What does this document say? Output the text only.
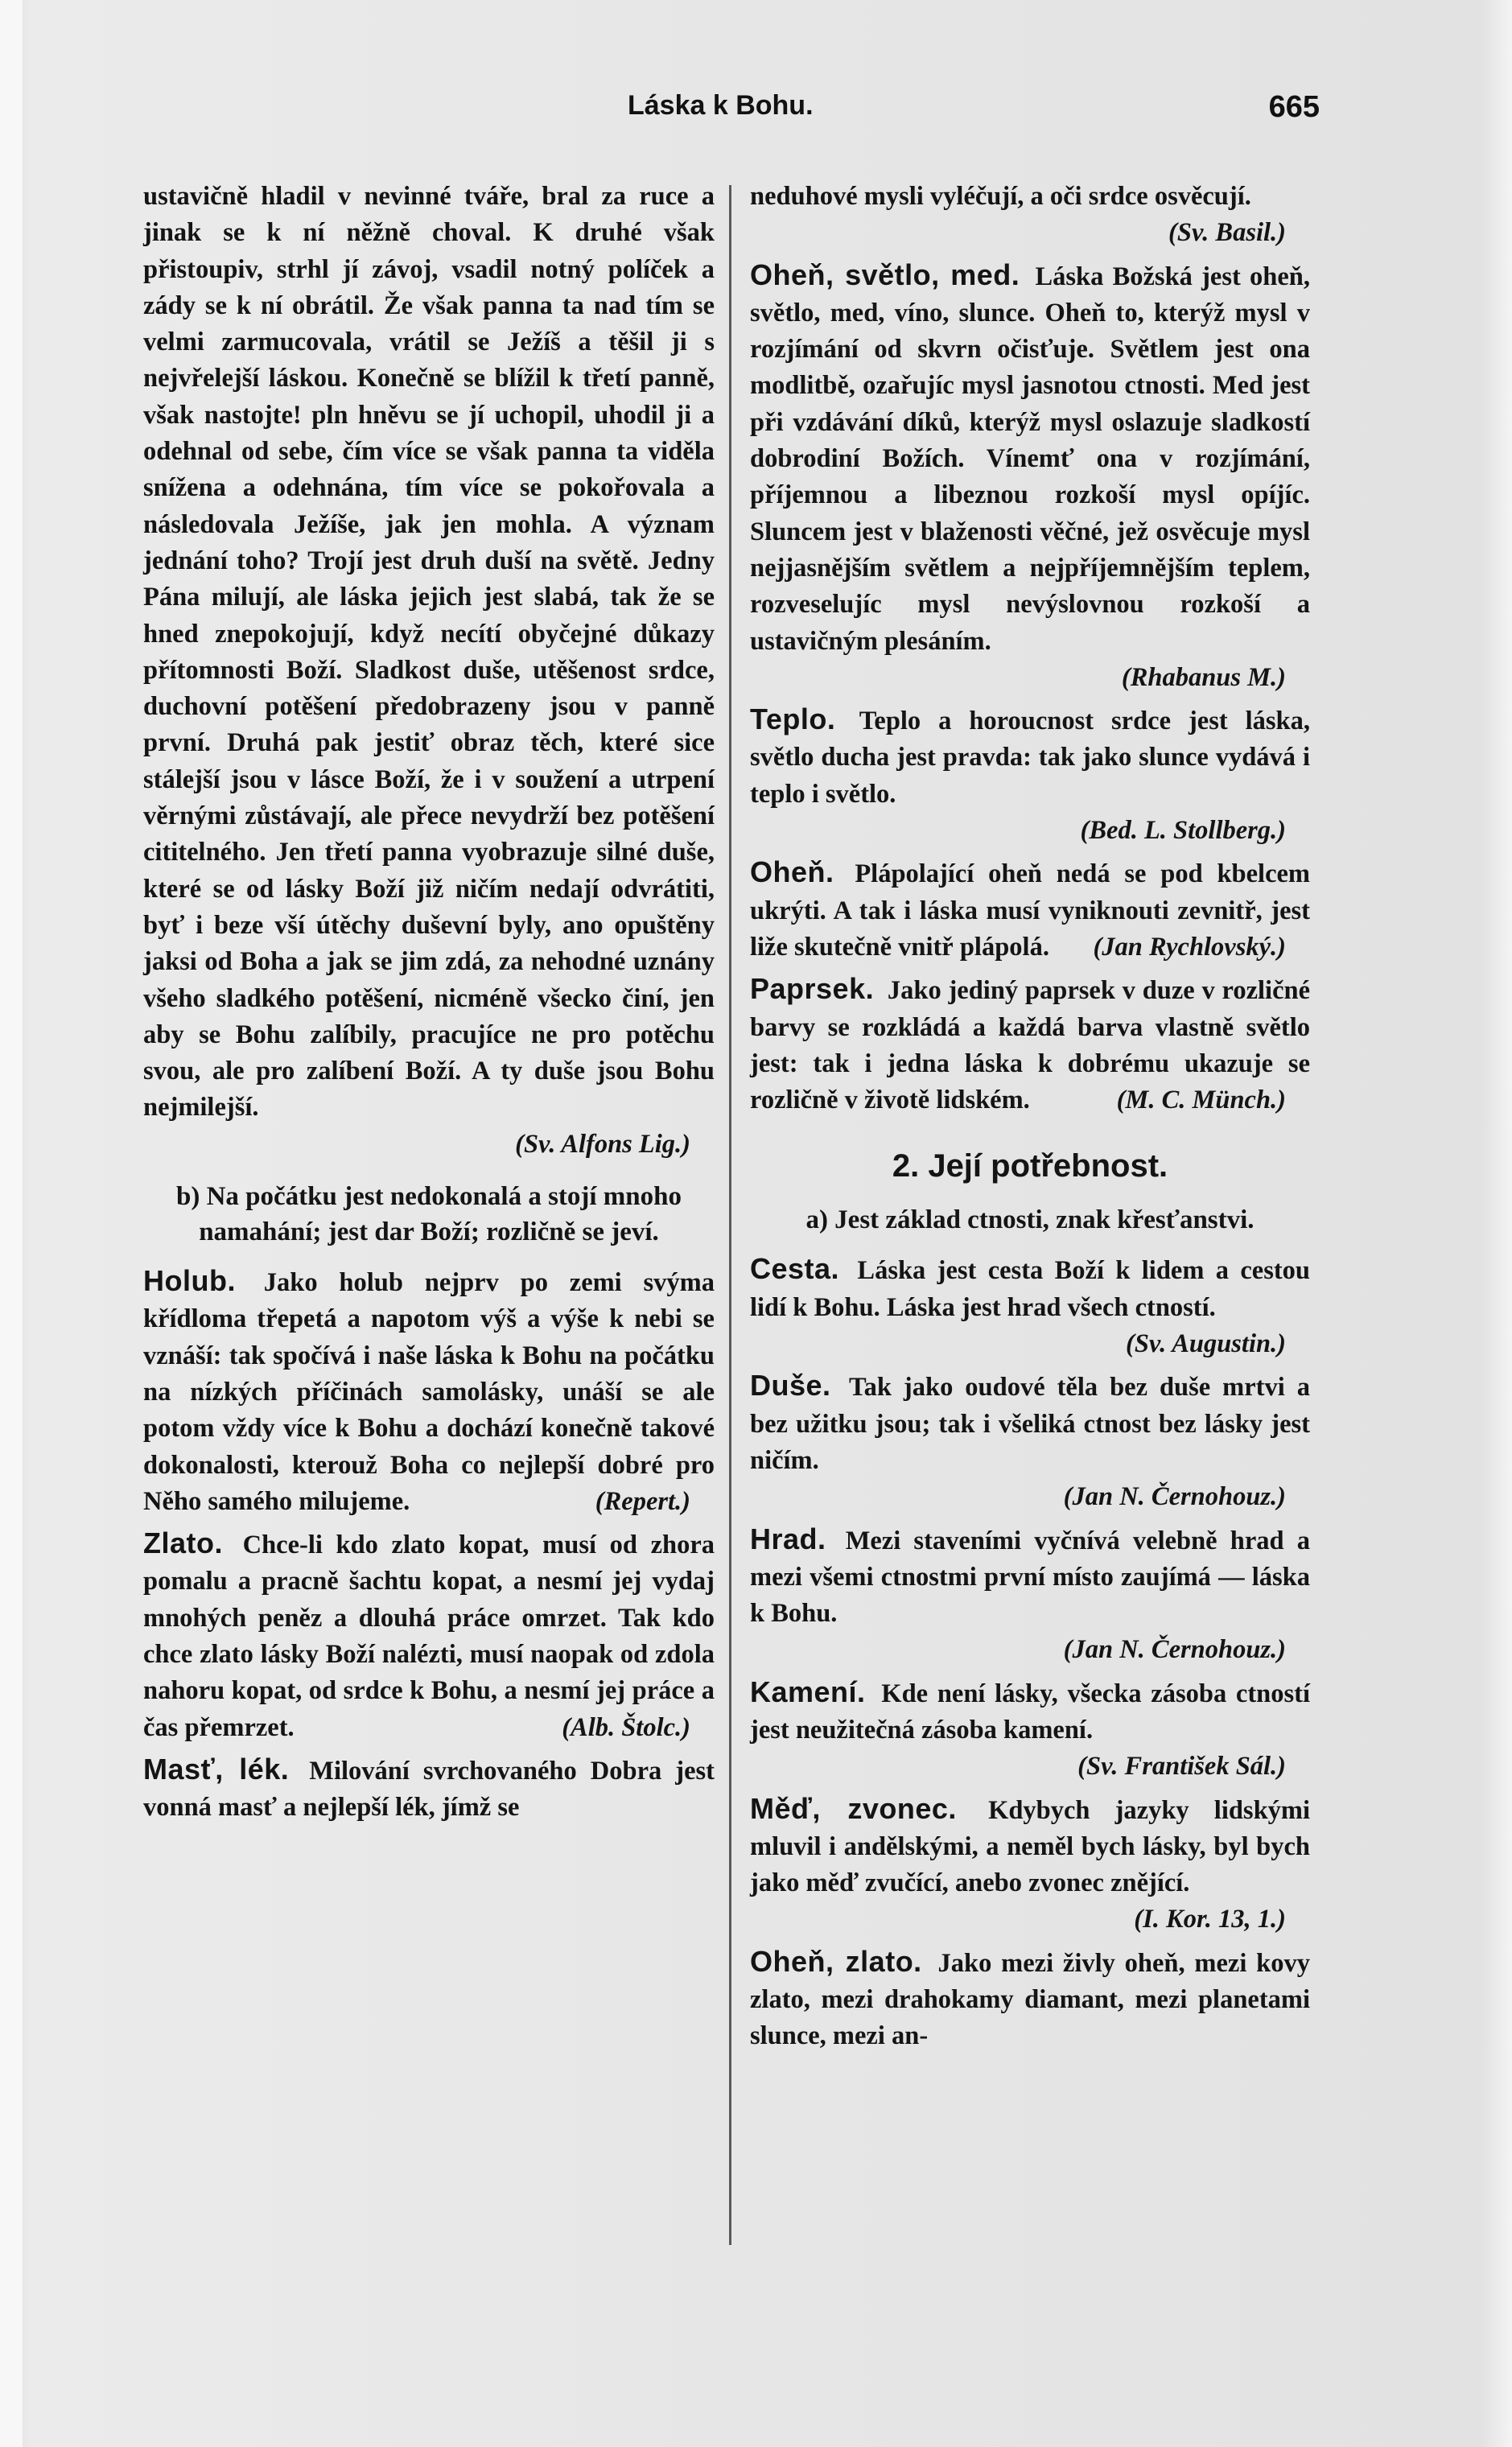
Láska k Bohu.	665

ustavičně hladil v nevinné tváře, bral za ruce a jinak se k ní něžně choval. K druhé však přistoupiv, strhl jí závoj, vsadil notný políček a zády se k ní obrátil. Že však panna ta nad tím se velmi zarmucovala, vrátil se Ježíš a těšil ji s nejvřelejší láskou. Konečně se blížil k třetí panně, však nastojte! pln hněvu se jí uchopil, uhodil ji a odehnal od sebe, čím více se však panna ta viděla snížena a odehnána, tím více se pokořovala a následovala Ježíše, jak jen mohla. A význam jednání toho? Trojí jest druh duší na světě. Jedny Pána milují, ale láska jejich jest slabá, tak že se hned znepokojují, když necítí obyčejné důkazy přítomnosti Boží. Sladkost duše, utěšenost srdce, duchovní potěšení předobrazeny jsou v panně první. Druhá pak jestiť obraz těch, které sice stálejší jsou v lásce Boží, že i v soužení a utrpení věrnými zůstávají, ale přece nevydrží bez potěšení cititelného. Jen třetí panna vyobrazuje silné duše, které se od lásky Boží již ničím nedají odvrátiti, byť i beze vší útěchy duševní byly, ano opuštěny jaksi od Boha a jak se jim zdá, za nehodné uznány všeho sladkého potěšení, nicméně všecko činí, jen aby se Bohu zalíbily, pracujíce ne pro potěchu svou, ale pro zalíbení Boží. A ty duše jsou Bohu nejmilejší.

(Sv. Alfons Lig.)
b) Na počátku jest nedokonalá a stojí mnoho namahání; jest dar Boží; rozličně se jeví.

Holub. Jako holub nejprv po zemi svýma křídloma třepetá a napotom výš a výše k nebi se vznáší: tak spočívá i naše láska k Bohu na počátku na nízkých příčinách samolásky, unáší se ale potom vždy více k Bohu a dochází konečně takové dokonalosti, kterouž Boha co nejlepší dobré pro Něho samého milujeme.	(Repert.)

Zlato. Chce-li kdo zlato kopat, musí od zhora pomalu a pracně šachtu kopat, a nesmí jej vydaj mnohých peněz a dlouhá práce omrzet. Tak kdo chce zlato lásky Boží nalézti, musí naopak od zdola nahoru kopat, od srdce k Bohu, a nesmí jej práce a čas přemrzet.	(Alb. Štolc.)

Masť, lék. Milování svrchovaného Dobra jest vonná masť a nejlepší lék, jímž se

neduhové mysli vyléčují, a oči srdce osvěcují.
(Sv. Basil.)

Oheň, světlo, med. Láska Božská jest oheň, světlo, med, víno, slunce. Oheň to, kterýž mysl v rozjímání od skvrn očisťuje. Světlem jest ona modlitbě, ozařujíc mysl jasnotou ctnosti. Med jest při vzdávání díků, kterýž mysl oslazuje sladkostí dobrodiní Božích. Vínemť ona v rozjímání, příjemnou a libeznou rozkoší mysl opíjíc. Sluncem jest v blaženosti věčné, jež osvěcuje mysl nejjasnějším světlem a nejpříjemnějším teplem, rozveselujíc mysl nevýslovnou rozkoší a ustavičným plesáním.

(Rhabanus M.)

Teplo. Teplo a horoucnost srdce jest láska, světlo ducha jest pravda: tak jako slunce vydává i teplo i světlo.

(Bed. L. Stollberg.)

Oheň. Plápolající oheň nedá se pod kbelcem ukrýti. A tak i láska musí vyniknouti zevnitř, jest liže skutečně vnitř plápolá. (Jan Rychlovský.)

Paprsek. Jako jediný paprsek v duze v rozličné barvy se rozkládá a každá barva vlastně světlo jest: tak i jedna láska k dobrému ukazuje se rozličně v životě lidském.	(M. C. Münch.)

2. Její potřebnost.
a) Jest základ ctnosti, znak křesťanstvi.

Cesta. Láska jest cesta Boží k lidem a cestou lidí k Bohu. Láska jest hrad všech ctností.
(Sv. Augustin.)

Duše. Tak jako oudové těla bez duše mrtvi a bez užitku jsou; tak i všeliká ctnost bez lásky jest ničím.

(Jan N. Černohouz.)

Hrad. Mezi staveními vyčnívá velebně hrad a mezi všemi ctnostmi první místo zaujímá — láska k Bohu.

(Jan N. Černohouz.)

Kamení. Kde není lásky, všecka zásoba ctností jest neužitečná zásoba kamení.
(Sv. František Sál.)

Měď, zvonec. Kdybych jazyky lidskými mluvil i andělskými, a neměl bych lásky, byl bych jako měď zvučící, anebo zvonec znějící.
(I. Kor. 13, 1.)

Oheň, zlato. Jako mezi živly oheň, mezi kovy zlato, mezi drahokamy diamant, mezi planetami slunce, mezi an-
